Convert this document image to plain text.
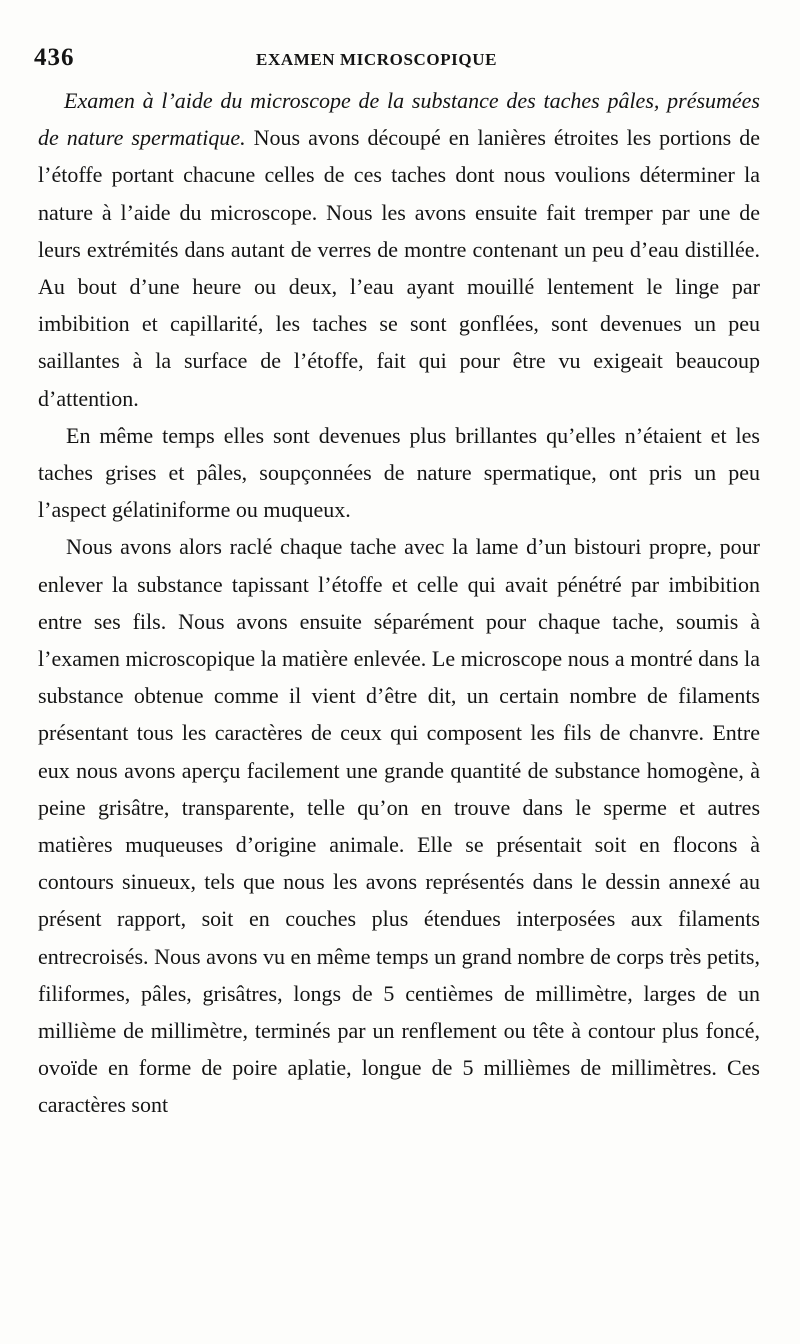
436	EXAMEN MICROSCOPIQUE

Examen à l’aide du microscope de la substance des taches pâles, présumées de nature spermatique. Nous avons découpé en lanières étroites les portions de l’étoffe portant chacune celles de ces taches dont nous voulions déterminer la nature à l’aide du microscope. Nous les avons ensuite fait tremper par une de leurs extrémités dans autant de verres de montre contenant un peu d’eau distillée. Au bout d’une heure ou deux, l’eau ayant mouillé lentement le linge par imbibition et capillarité, les taches se sont gonflées, sont devenues un peu saillantes à la surface de l’étoffe, fait qui pour être vu exigeait beaucoup d’attention.

En même temps elles sont devenues plus brillantes qu’elles n’étaient et les taches grises et pâles, soupçonnées de nature spermatique, ont pris un peu l’aspect gélatiniforme ou muqueux.

Nous avons alors raclé chaque tache avec la lame d’un bistouri propre, pour enlever la substance tapissant l’étoffe et celle qui avait pénétré par imbibition entre ses fils. Nous avons ensuite séparément pour chaque tache, soumis à l’examen microscopique la matière enlevée. Le microscope nous a montré dans la substance obtenue comme il vient d’être dit, un certain nombre de filaments présentant tous les caractères de ceux qui composent les fils de chanvre. Entre eux nous avons aperçu facilement une grande quantité de substance homogène, à peine grisâtre, transparente, telle qu’on en trouve dans le sperme et autres matières muqueuses d’origine animale. Elle se présentait soit en flocons à contours sinueux, tels que nous les avons représentés dans le dessin annexé au présent rapport, soit en couches plus étendues interposées aux filaments entrecroisés. Nous avons vu en même temps un grand nombre de corps très petits, filiformes, pâles, grisâtres, longs de 5 centièmes de millimètre, larges de un millième de millimètre, terminés par un renflement ou tête à contour plus foncé, ovoïde en forme de poire aplatie, longue de 5 millièmes de millimètres. Ces caractères sont
